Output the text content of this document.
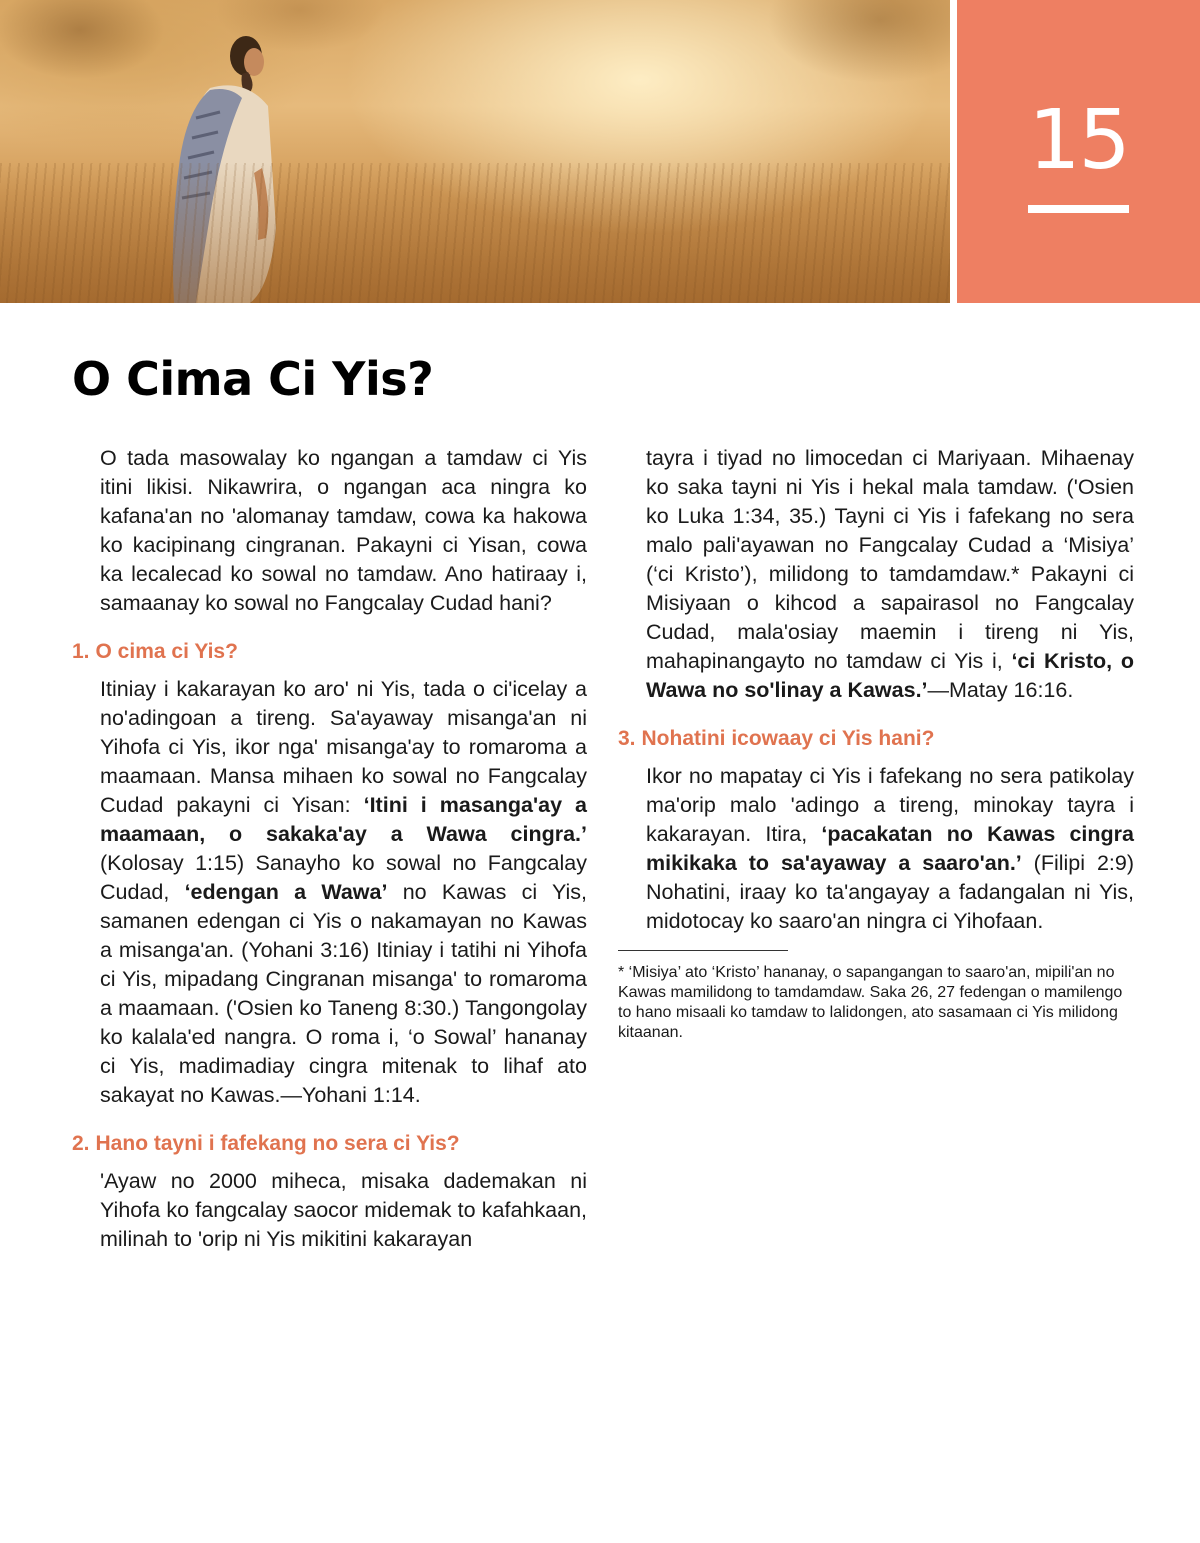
15
O Cima Ci Yis?

O tada masowalay ko ngangan a tamdaw ci Yis itini likisi. Nikawrira, o ngangan aca ningra ko kafana'an no 'alomanay tamdaw, cowa ka hakowa ko kacipinang cingranan. Pakayni ci Yisan, cowa ka lecalecad ko sowal no tamdaw. Ano hatiraay i, samaanay ko sowal no Fangcalay Cudad hani?

1. O cima ci Yis?

Itiniay i kakarayan ko aro' ni Yis, tada o ci'icelay a no'adingoan a tireng. Sa'ayaway misanga'an ni Yihofa ci Yis, ikor nga' misanga'ay to romaroma a maamaan. Mansa mihaen ko sowal no Fangcalay Cudad pakayni ci Yisan: ‘Itini i masanga'ay a maamaan, o sakaka'ay a Wawa cingra.’ (Kolosay 1:15) Sanayho ko sowal no Fangcalay Cudad, ‘edengan a Wawa’ no Kawas ci Yis, samanen edengan ci Yis o nakamayan no Kawas a misanga'an. (Yohani 3:16) Itiniay i tatihi ni Yihofa ci Yis, mipadang Cingranan misanga' to romaroma a maamaan. ('Osien ko Taneng 8:30.) Tangongolay ko kalala'ed nangra. O roma i, ‘o Sowal’ hananay ci Yis, madimadiay cingra mitenak to lihaf ato sakayat no Kawas.—Yohani 1:14.

2. Hano tayni i fafekang no sera ci Yis?

'Ayaw no 2000 miheca, misaka dademakan ni Yihofa ko fangcalay saocor midemak to kafahkaan, milinah to 'orip ni Yis mikitini kakarayan

tayra i tiyad no limocedan ci Mariyaan. Mihaenay ko saka tayni ni Yis i hekal mala tamdaw. ('Osien ko Luka 1:34, 35.) Tayni ci Yis i fafekang no sera malo pali'ayawan no Fangcalay Cudad a ‘Misiya’ (‘ci Kristo’), milidong to tamdamdaw.* Pakayni ci Misiyaan o kihcod a sapairasol no Fangcalay Cudad, mala'osiay maemin i tireng ni Yis, mahapinangayto no tamdaw ci Yis i, ‘ci Kristo, o Wawa no so'linay a Kawas.’—Matay 16:16.

3. Nohatini icowaay ci Yis hani?

Ikor no mapatay ci Yis i fafekang no sera patikolay ma'orip malo 'adingo a tireng, minokay tayra i kakarayan. Itira, ‘pacakatan no Kawas cingra mikikaka to sa'ayaway a saaro'an.’ (Filipi 2:9) Nohatini, iraay ko ta'angayay a fadangalan ni Yis, midotocay ko saaro'an ningra ci Yihofaan.

* ‘Misiya’ ato ‘Kristo’ hananay, o sapangangan to saaro'an, mipili'an no Kawas mamilidong to tamdamdaw. Saka 26, 27 fedengan o mamilengo to hano misaali ko tamdaw to lalidongen, ato sasamaan ci Yis milidong kitaanan.
